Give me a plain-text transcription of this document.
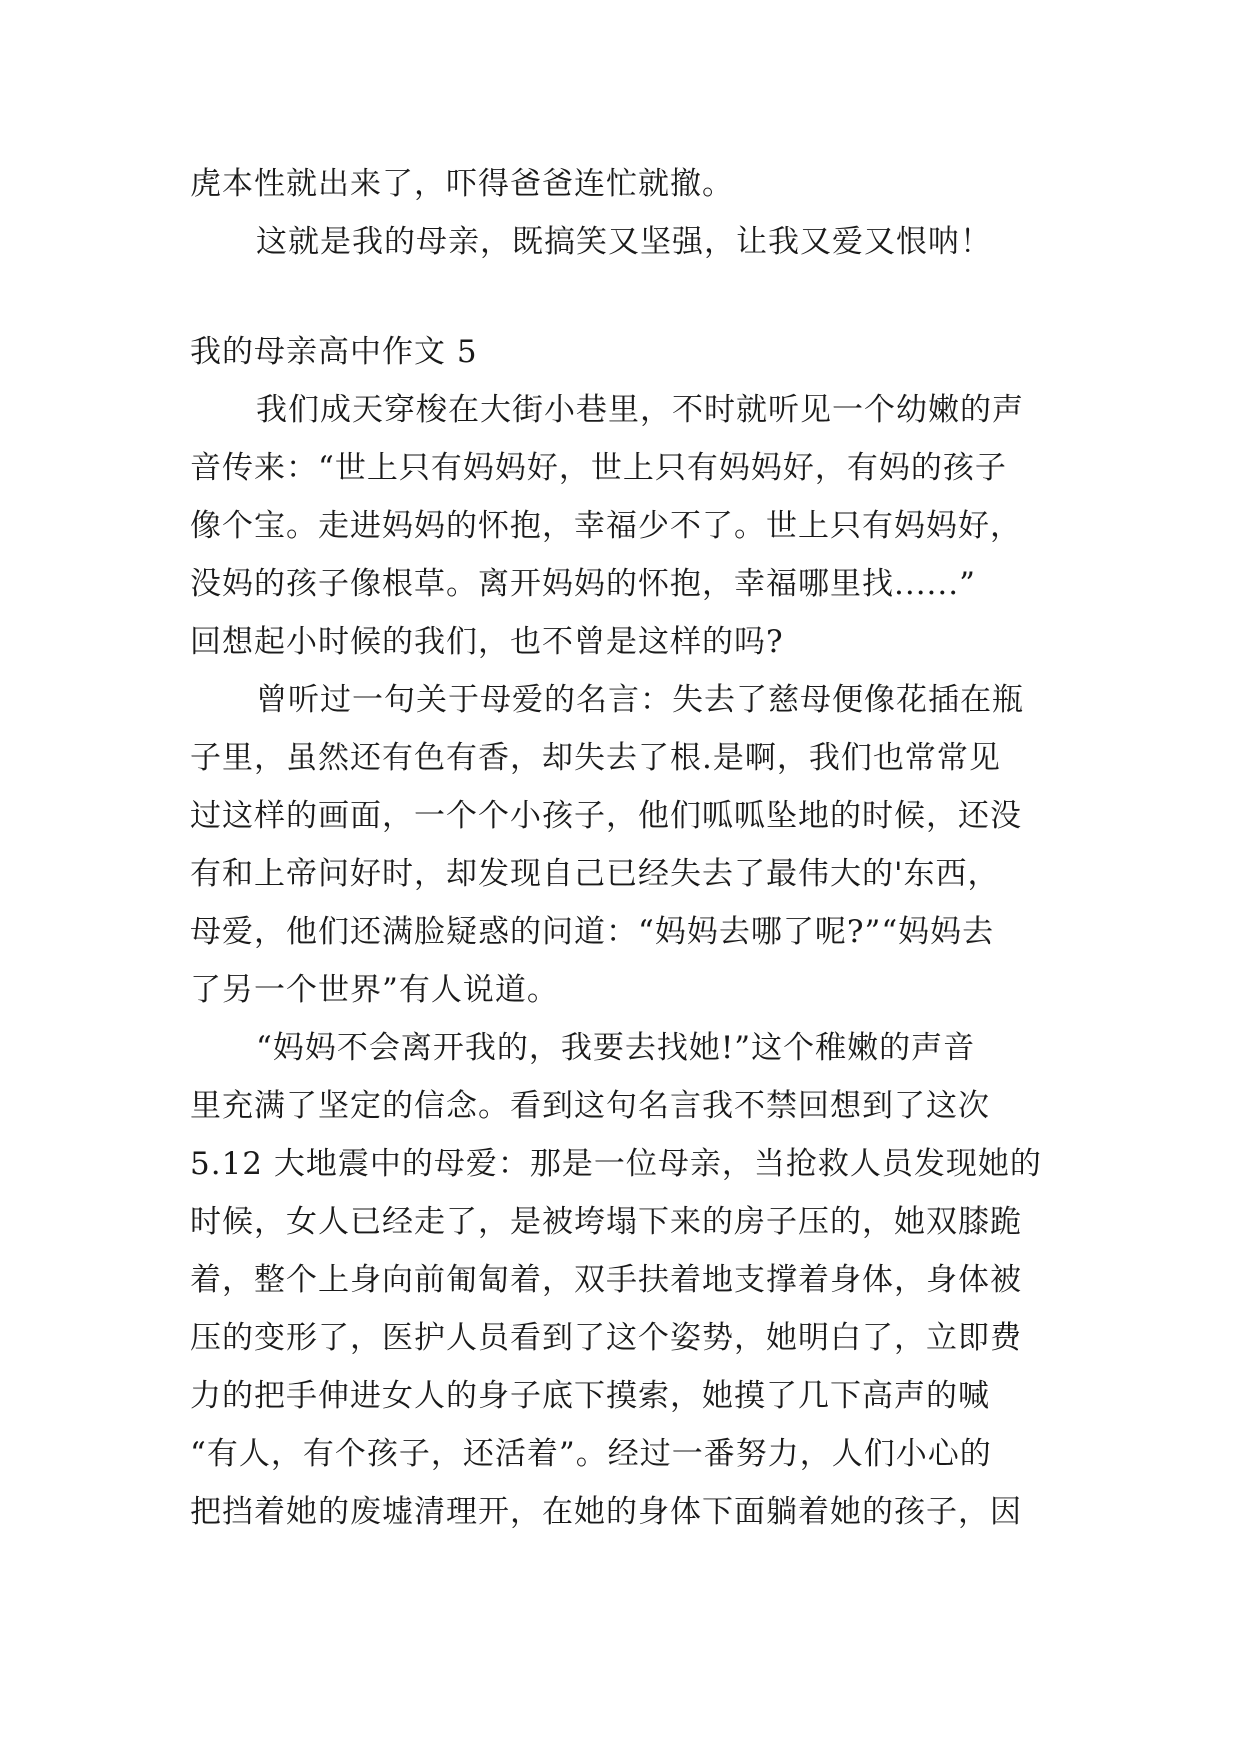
虎本性就出来了，吓得爸爸连忙就撤。
这就是我的母亲，既搞笑又坚强，让我又爱又恨呐！
我的母亲高中作文 5
我们成天穿梭在大街小巷里，不时就听见一个幼嫩的声
音传来：“世上只有妈妈好，世上只有妈妈好，有妈的孩子
像个宝。走进妈妈的怀抱，幸福少不了。世上只有妈妈好，
没妈的孩子像根草。离开妈妈的怀抱，幸福哪里找......”
回想起小时候的我们，也不曾是这样的吗?
曾听过一句关于母爱的名言：失去了慈母便像花插在瓶
子里，虽然还有色有香，却失去了根.是啊，我们也常常见
过这样的画面，一个个小孩子，他们呱呱坠地的时候，还没
有和上帝问好时，却发现自己已经失去了最伟大的'东西，
母爱，他们还满脸疑惑的问道：“妈妈去哪了呢?”“妈妈去
了另一个世界”有人说道。
“妈妈不会离开我的，我要去找她!”这个稚嫩的声音
里充满了坚定的信念。看到这句名言我不禁回想到了这次
5.12 大地震中的母爱：那是一位母亲，当抢救人员发现她的
时候，女人已经走了，是被垮塌下来的房子压的，她双膝跪
着，整个上身向前匍匐着，双手扶着地支撑着身体，身体被
压的变形了，医护人员看到了这个姿势，她明白了，立即费
力的把手伸进女人的身子底下摸索，她摸了几下高声的喊
“有人，有个孩子，还活着”。经过一番努力，人们小心的
把挡着她的废墟清理开，在她的身体下面躺着她的孩子，因
